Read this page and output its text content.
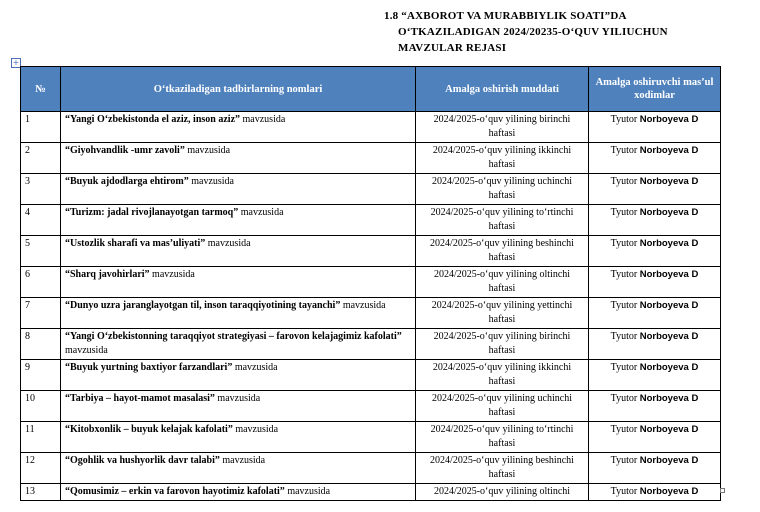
1.8 “AXBOROT VA MURABBIYLIK SOATI”DA
O‘TKAZILADIGAN 2024/20235-O‘QUV YILIUCHUN
MAVZULAR REJASI
+
№	O‘tkaziladigan tadbirlarning nomlari	Amalga oshirish muddati	Amalga oshiruvchi mas’ul xodimlar
1	“Yangi O‘zbekistonda el aziz, inson aziz” mavzusida	2024/2025-o‘quv yilining birinchi haftasi	Tyutor Norboyeva D
2	“Giyohvandlik -umr zavoli” mavzusida	2024/2025-o‘quv yilining ikkinchi haftasi	Tyutor Norboyeva D
3	“Buyuk ajdodlarga ehtirom” mavzusida	2024/2025-o‘quv yilining uchinchi haftasi	Tyutor Norboyeva D
4	“Turizm: jadal rivojlanayotgan tarmoq” mavzusida	2024/2025-o‘quv yilining to‘rtinchi haftasi	Tyutor Norboyeva D
5	“Ustozlik sharafi va mas’uliyati” mavzusida	2024/2025-o‘quv yilining beshinchi haftasi	Tyutor Norboyeva D
6	“Sharq javohirlari” mavzusida	2024/2025-o‘quv yilining oltinchi haftasi	Tyutor Norboyeva D
7	“Dunyo uzra jaranglayotgan til, inson taraqqiyotining tayanchi” mavzusida	2024/2025-o‘quv yilining yettinchi haftasi	Tyutor Norboyeva D
8	“Yangi O‘zbekistonning taraqqiyot strategiyasi – farovon kelajagimiz kafolati” mavzusida	2024/2025-o‘quv yilining birinchi haftasi	Tyutor Norboyeva D
9	“Buyuk yurtning baxtiyor farzandlari” mavzusida	2024/2025-o‘quv yilining ikkinchi haftasi	Tyutor Norboyeva D
10	“Tarbiya – hayot-mamot masalasi” mavzusida	2024/2025-o‘quv yilining uchinchi haftasi	Tyutor Norboyeva D
11	“Kitobxonlik – buyuk kelajak kafolati” mavzusida	2024/2025-o‘quv yilining to‘rtinchi haftasi	Tyutor Norboyeva D
12	“Ogohlik va hushyorlik davr talabi” mavzusida	2024/2025-o‘quv yilining beshinchi haftasi	Tyutor Norboyeva D
13	“Qomusimiz – erkin va farovon hayotimiz kafolati” mavzusida	2024/2025-o‘quv yilining oltinchi	Tyutor Norboyeva D
